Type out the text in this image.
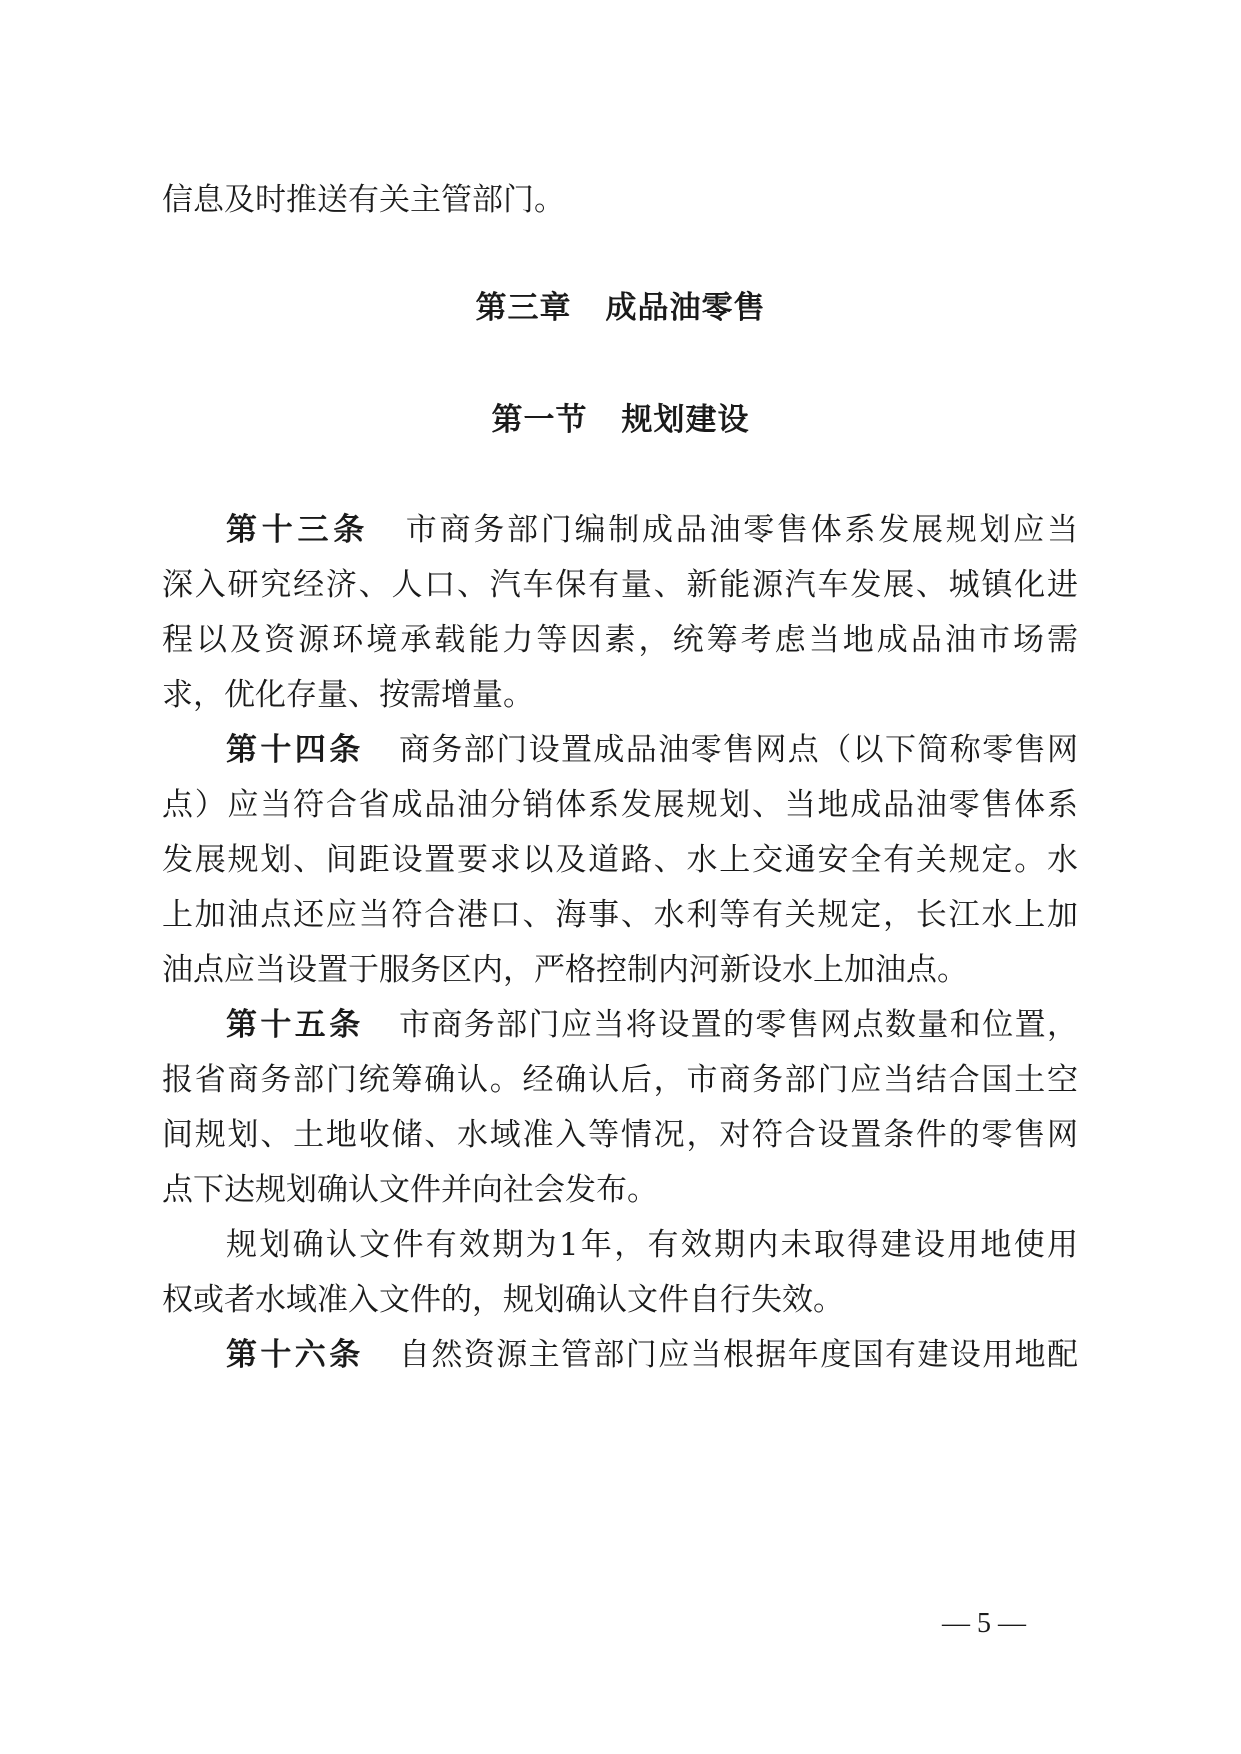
信息及时推送有关主管部门。
第三章 成品油零售
第一节 规划建设
第十三条 市商务部门编制成品油零售体系发展规划应当
深入研究经济、人口、汽车保有量、新能源汽车发展、城镇化进
程以及资源环境承载能力等因素，统筹考虑当地成品油市场需
求，优化存量、按需增量。
第十四条 商务部门设置成品油零售网点（以下简称零售网
点）应当符合省成品油分销体系发展规划、当地成品油零售体系
发展规划、间距设置要求以及道路、水上交通安全有关规定。水
上加油点还应当符合港口、海事、水利等有关规定，长江水上加
油点应当设置于服务区内，严格控制内河新设水上加油点。
第十五条 市商务部门应当将设置的零售网点数量和位置，
报省商务部门统筹确认。经确认后，市商务部门应当结合国土空
间规划、土地收储、水域准入等情况，对符合设置条件的零售网
点下达规划确认文件并向社会发布。
规划确认文件有效期为1年，有效期内未取得建设用地使用
权或者水域准入文件的，规划确认文件自行失效。
第十六条 自然资源主管部门应当根据年度国有建设用地配
— 5 —
